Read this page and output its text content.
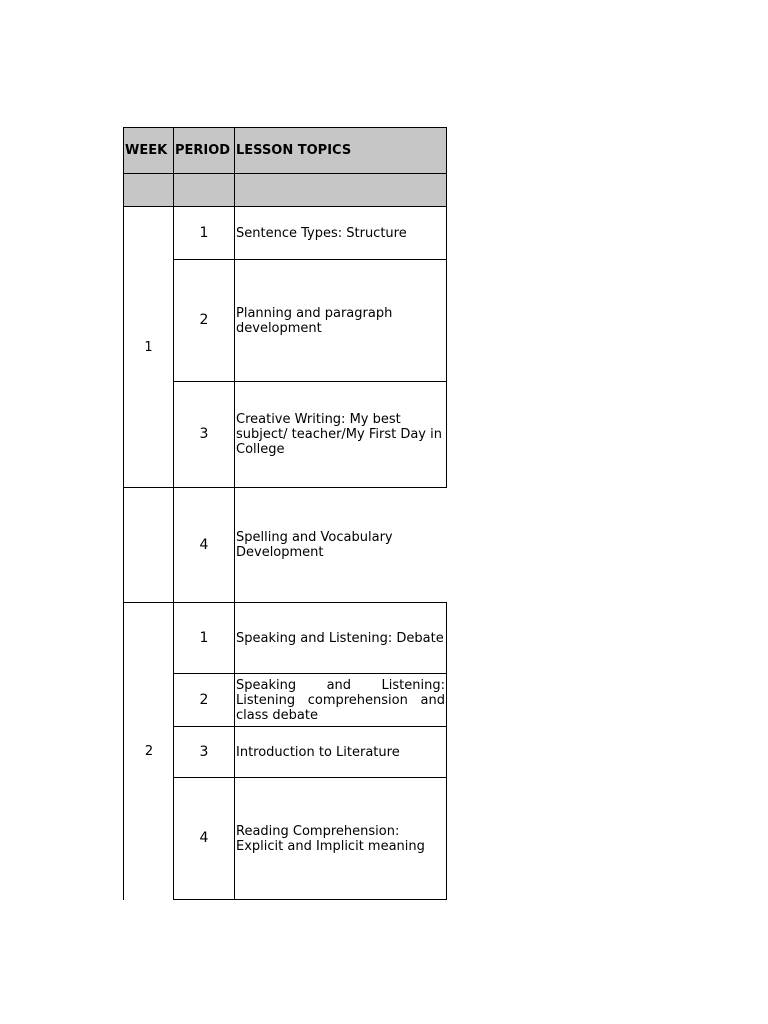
WEEK PERIOD LESSON TOPICS
1
1 Sentence Types: Structure
2 Planning and paragraph development
3
Creative Writing: My best subject/ teacher/My First Day in College
4 Spelling and Vocabulary Development
2
1 Speaking and Listening: Debate
2
Speaking and Listening: Listening comprehension and class debate
3 Introduction to Literature
4 Reading Comprehension: Explicit and Implicit meaning
